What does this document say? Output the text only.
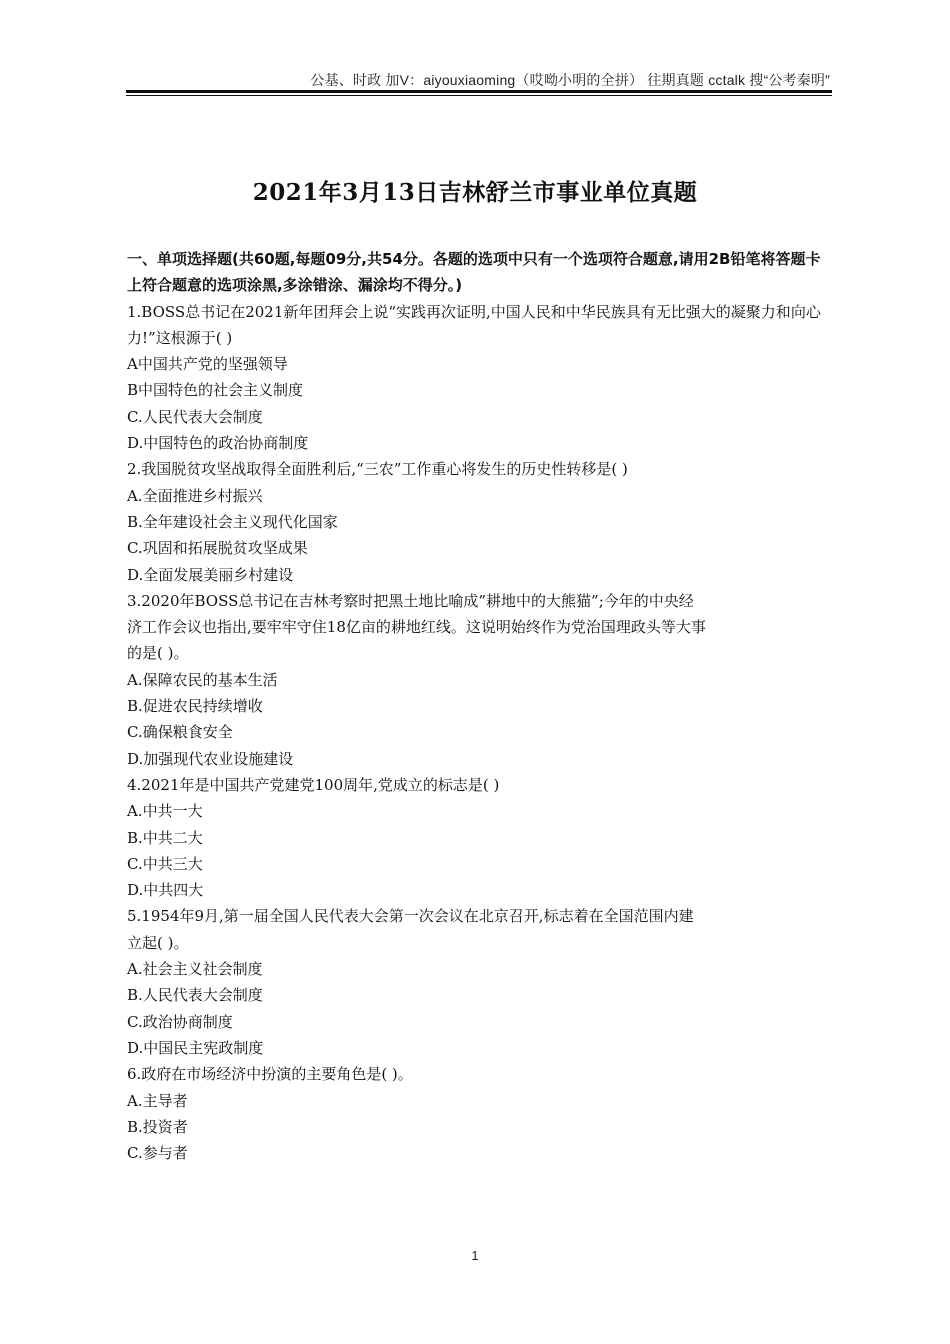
公基、时政 加V：aiyouxiaoming（哎呦小明的全拼） 往期真题 cctalk 搜“公考秦明”
2021年3月13日吉林舒兰市事业单位真题
一、单项选择题(共60题,每题09分,共54分。各题的选项中只有一个选项符合题意,请用2B铅笔将答题卡上符合题意的选项涂黑,多涂错涂、漏涂均不得分。)
1.BOSS总书记在2021新年团拜会上说“实践再次证明,中国人民和中华民族具有无比强大的凝聚力和向心力!”这根源于( )
A中国共产党的坚强领导
B中国特色的社会主义制度
C.人民代表大会制度
D.中国特色的政治协商制度
2.我国脱贫攻坚战取得全面胜利后,“三农”工作重心将发生的历史性转移是( )
A.全面推进乡村振兴
B.全年建设社会主义现代化国家
C.巩固和拓展脱贫攻坚成果
D.全面发展美丽乡村建设
3.2020年BOSS总书记在吉林考察时把黑土地比喻成”耕地中的大熊猫”;今年的中央经
济工作会议也指出,要牢牢守住18亿亩的耕地红线。这说明始终作为党治国理政头等大事
的是( )。
A.保障农民的基本生活
B.促进农民持续增收
C.确保粮食安全
D.加强现代农业设施建设
4.2021年是中国共产党建党100周年,党成立的标志是( )
A.中共一大
B.中共二大
C.中共三大
D.中共四大
5.1954年9月,第一届全国人民代表大会第一次会议在北京召开,标志着在全国范围内建
立起( )。
A.社会主义社会制度
B.人民代表大会制度
C.政治协商制度
D.中国民主宪政制度
6.政府在市场经济中扮演的主要角色是( )。
A.主导者
B.投资者
C.参与者
1
